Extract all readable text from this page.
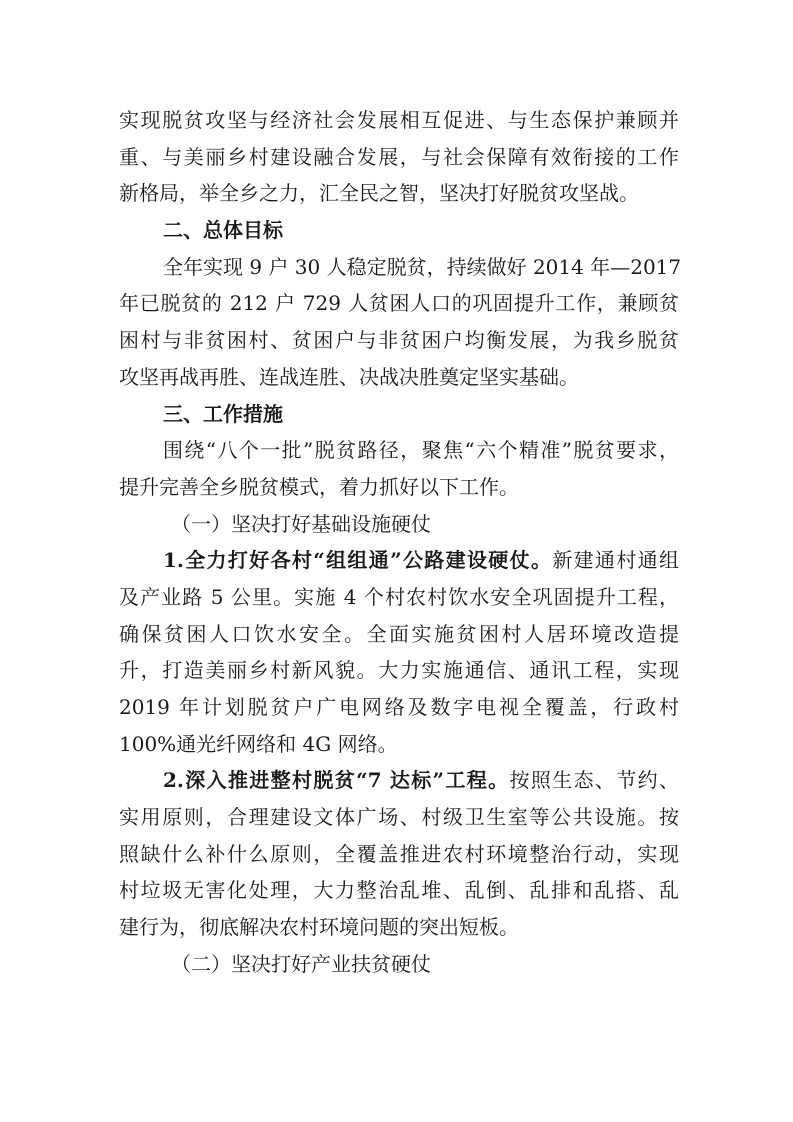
实现脱贫攻坚与经济社会发展相互促进、与生态保护兼顾并
重、与美丽乡村建设融合发展，与社会保障有效衔接的工作
新格局，举全乡之力，汇全民之智，坚决打好脱贫攻坚战。
二、总体目标
全年实现 9 户 30 人稳定脱贫，持续做好 2014 年—2017
年已脱贫的 212 户 729 人贫困人口的巩固提升工作，兼顾贫
困村与非贫困村、贫困户与非贫困户均衡发展，为我乡脱贫
攻坚再战再胜、连战连胜、决战决胜奠定坚实基础。
三、工作措施
围绕“八个一批”脱贫路径，聚焦“六个精准”脱贫要求，
提升完善全乡脱贫模式，着力抓好以下工作。
（一）坚决打好基础设施硬仗
1.全力打好各村“组组通”公路建设硬仗。新建通村通组
及产业路 5 公里。实施 4 个村农村饮水安全巩固提升工程，
确保贫困人口饮水安全。全面实施贫困村人居环境改造提
升，打造美丽乡村新风貌。大力实施通信、通讯工程，实现
2019 年计划脱贫户广电网络及数字电视全覆盖，行政村
100%通光纤网络和 4G 网络。
2.深入推进整村脱贫“7 达标”工程。按照生态、节约、
实用原则，合理建设文体广场、村级卫生室等公共设施。按
照缺什么补什么原则，全覆盖推进农村环境整治行动，实现
村垃圾无害化处理，大力整治乱堆、乱倒、乱排和乱搭、乱
建行为，彻底解决农村环境问题的突出短板。
（二）坚决打好产业扶贫硬仗
